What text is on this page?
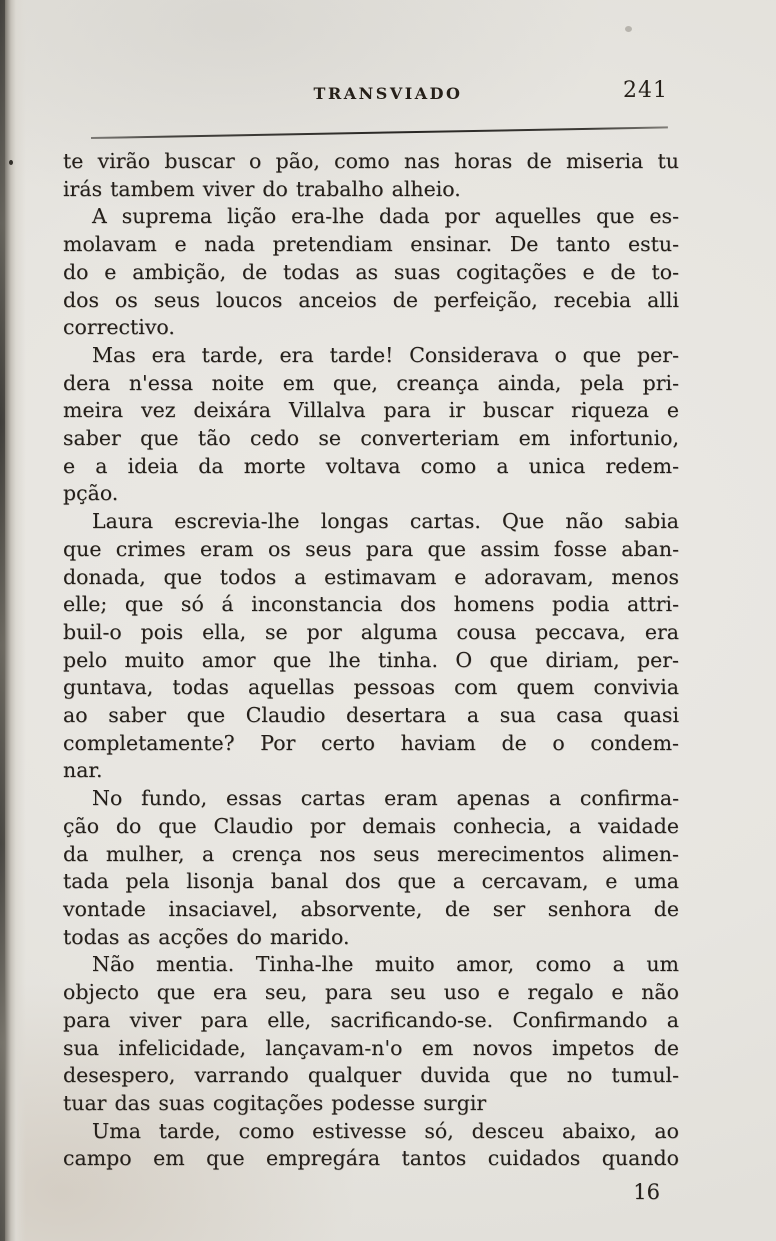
TRANSVIADO	241
te virão buscar o pão, como nas horas de miseria tu
irás tambem viver do trabalho alheio.
A suprema lição era-lhe dada por aquelles que es-
molavam e nada pretendiam ensinar. De tanto estu-
do e ambição, de todas as suas cogitações e de to-
dos os seus loucos anceios de perfeição, recebia alli
correctivo.
Mas era tarde, era tarde! Considerava o que per-
dera n'essa noite em que, creança ainda, pela pri-
meira vez deixára Villalva para ir buscar riqueza e
saber que tão cedo se converteriam em infortunio,
e a ideia da morte voltava como a unica redem-
pção.
Laura escrevia-lhe longas cartas. Que não sabia
que crimes eram os seus para que assim fosse aban-
donada, que todos a estimavam e adoravam, menos
elle; que só á inconstancia dos homens podia attri-
buil-o pois ella, se por alguma cousa peccava, era
pelo muito amor que lhe tinha. O que diriam, per-
guntava, todas aquellas pessoas com quem convivia
ao saber que Claudio desertara a sua casa quasi
completamente? Por certo haviam de o condem-
nar.
No fundo, essas cartas eram apenas a confirma-
ção do que Claudio por demais conhecia, a vaidade
da mulher, a crença nos seus merecimentos alimen-
tada pela lisonja banal dos que a cercavam, e uma
vontade insaciavel, absorvente, de ser senhora de
todas as acções do marido.
Não mentia. Tinha-lhe muito amor, como a um
objecto que era seu, para seu uso e regalo e não
para viver para elle, sacrificando-se. Confirmando a
sua infelicidade, lançavam-n'o em novos impetos de
desespero, varrando qualquer duvida que no tumul-
tuar das suas cogitações podesse surgir
Uma tarde, como estivesse só, desceu abaixo, ao
campo em que empregára tantos cuidados quando
16
